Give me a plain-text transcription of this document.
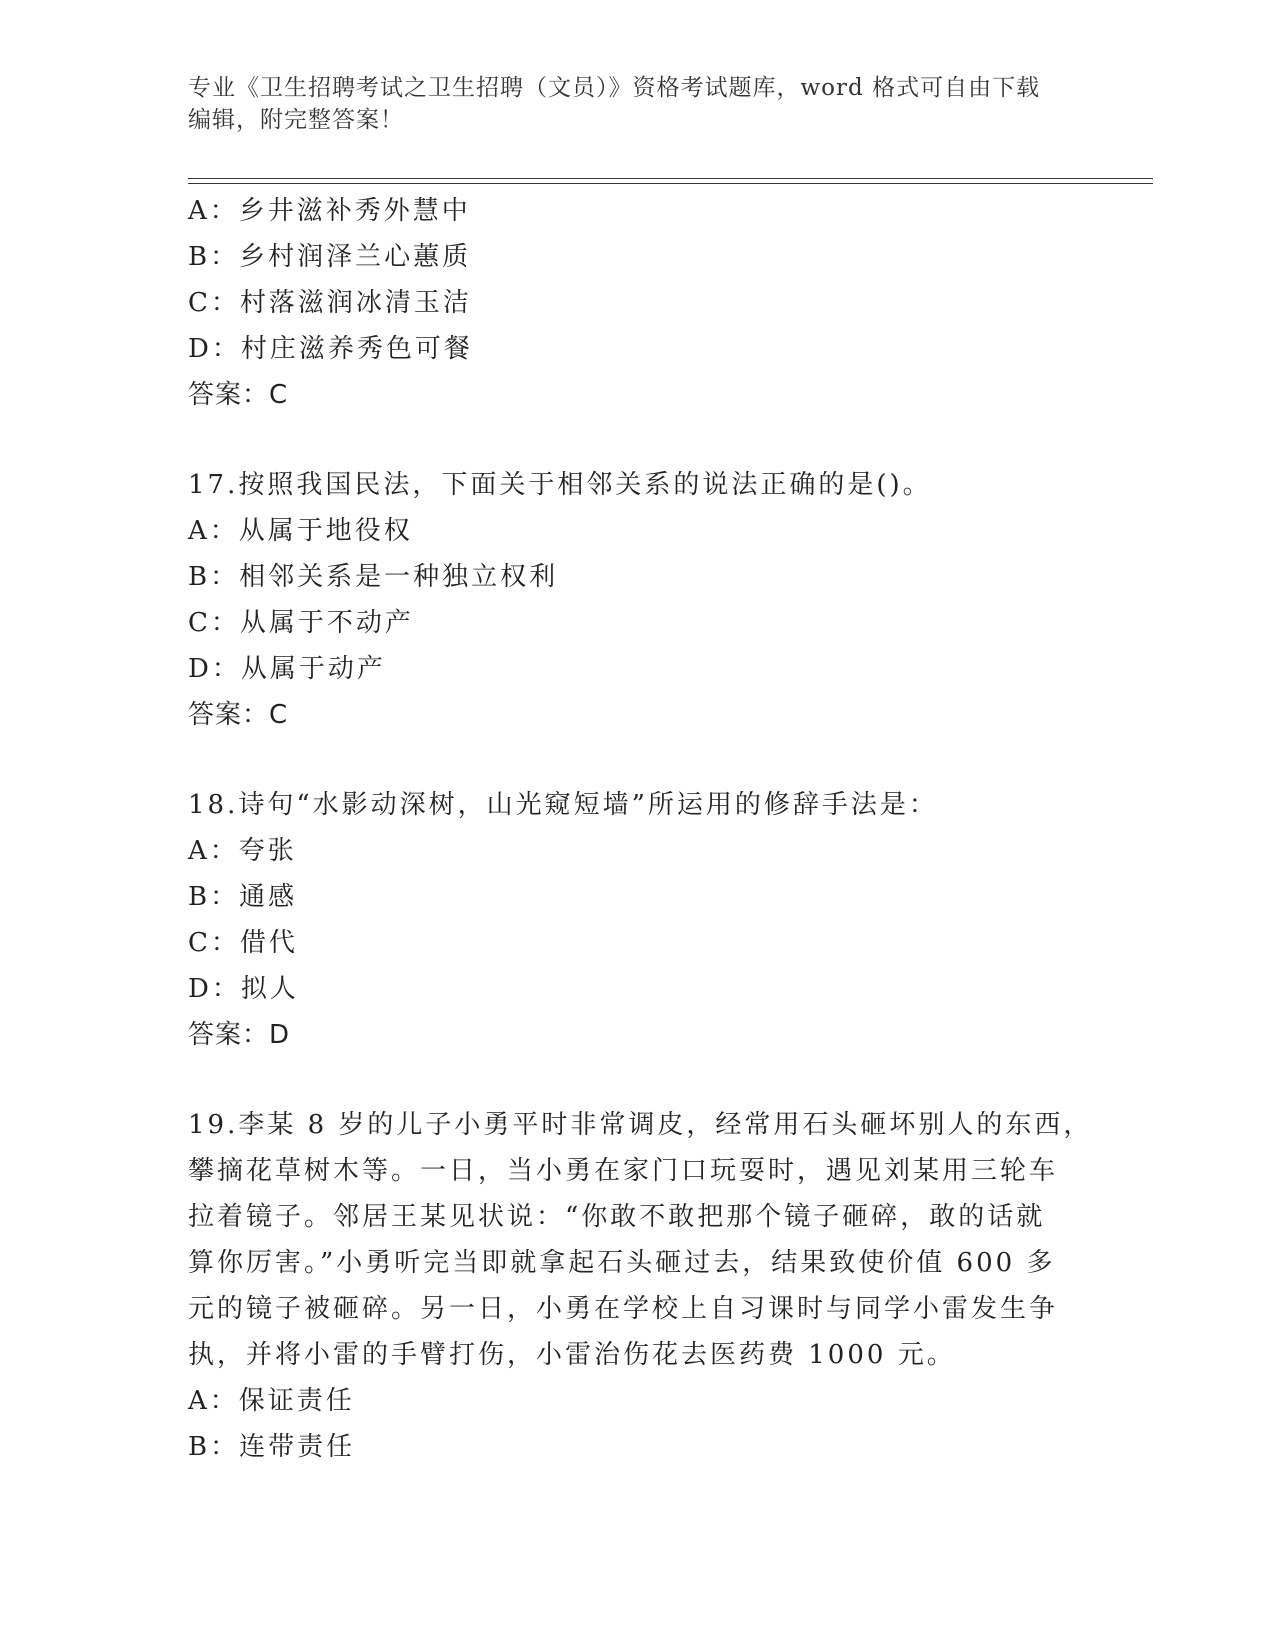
专业《卫生招聘考试之卫生招聘（文员）》资格考试题库，word 格式可自由下载
编辑，附完整答案！
A：乡井滋补秀外慧中
B：乡村润泽兰心蕙质
C：村落滋润冰清玉洁
D：村庄滋养秀色可餐
答案：C
17.按照我国民法，下面关于相邻关系的说法正确的是()。
A：从属于地役权
B：相邻关系是一种独立权利
C：从属于不动产
D：从属于动产
答案：C
18.诗句“水影动深树，山光窥短墙”所运用的修辞手法是：
A：夸张
B：通感
C：借代
D：拟人
答案：D
19.李某 8 岁的儿子小勇平时非常调皮，经常用石头砸坏别人的东西，
攀摘花草树木等。一日，当小勇在家门口玩耍时，遇见刘某用三轮车
拉着镜子。邻居王某见状说：“你敢不敢把那个镜子砸碎，敢的话就
算你厉害。”小勇听完当即就拿起石头砸过去，结果致使价值 600 多
元的镜子被砸碎。另一日，小勇在学校上自习课时与同学小雷发生争
执，并将小雷的手臂打伤，小雷治伤花去医药费 1000 元。
A：保证责任
B：连带责任
